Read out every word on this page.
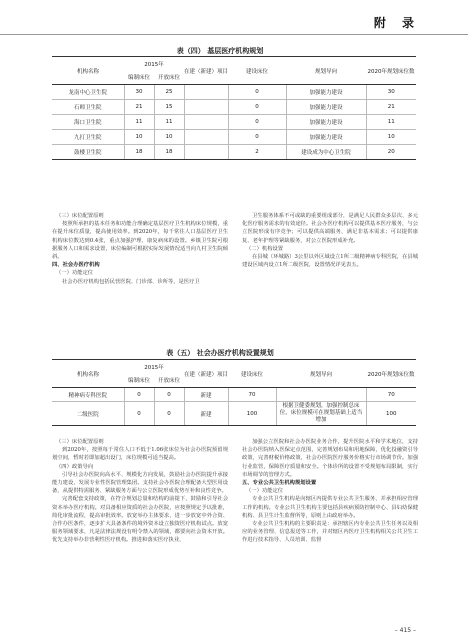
附 录
表（四） 基层医疗机构规划
机构名称	2015年		在建（新建）项目	建设床位	规划导向	2020年规划床位数
	编制床位	开放床位				
龙南中心卫生院	30	25		0	加强能力建设	30
石师卫生院	21	15		0	加强能力建设	21
海口卫生院	11	11		0	加强能力建设	11
九打卫生院	10	10		0	加强能力建设	10
鼓楼卫生院	18	18		2	建设成为中心卫生院	20

（三）床位配置原则

按照所承担的基本任务和功能合理确定基层医疗卫生机构床位规模，重在提升床位质量，提高使用效率。到2020年，每千常住人口基层医疗卫生机构床位数达到0.4张，重点加强护理、康复病床的设置。乡镇卫生院可根据服务人口和需求设置，床位编制可根据实际发展情况适当向九村卫生院倾斜。

四、社会办医疗机构

（一）功能定位

社会办医疗机构包括民营医院、门诊部、诊所等，是医疗卫

卫生服务体系不可或缺的重要组成部分，是满足人民群众多层次、多元化医疗服务需求的有效途径。社会办医疗机构可以提供基本医疗服务，与公立医院形成有序竞争；可以提供高端服务，满足非基本需求；可以提供康复、老年护理等紧缺服务，对公立医院形成补充。

（二）机构设置

在县城（环城路）3公里以外区域设立1所二级精神病专科医院，在县城建设区域内设立1所二级医院，设置情况详见表五。

表（五） 社会办医疗机构设置规划
机构名称	2015年		在建（新建）项目	建设床位	规划导向	2020年规划床位数
	编制床位	开放床位				
精神病专科医院	0	0	新建	70		70
二级医院	0	0	新建	100	根据卫健委规划，加强控制总床位，床位规模可在规划基础上适当增加	100

（三）床位配置原则

到2020年，按照每千常住人口不低于1.06张床位为社会办医院预留规划空间，暂时若即加超出设门，床位规模可适当提高。

（四）政策导向

引导社会办医院向高水平、规模化方向发展，鼓励社会办医院提升承接能力建设，发展专业性医院管理集团。支持社会办医院合理配备大型医用设备，从提供特需服务、紧缺服务方面与公立医院形成优势互补和良性竞争。

完善配套支持政策，在符合规划总量和结构的前提下，鼓励和引导社会资本举办医疗机构。对具备相应资质的社会办医院，应按照规定予以批准，简化审批流程，提高审批效率。放宽举办主体要求，进一步放宽中外合资、合作办医条件，逐步扩大具备条件的境外资本设立独资医疗机构试点。放宽服务领域要求，凡是法律法规没有明令禁入的领域，都要向社会资本开放。优先支持举办非营利性医疗机构。推进和落实医疗执业，

加强公立医院和社会办医院业务合作，提升医院水平和学术地位，支持社会办医院纳入医保定点范围，完善规划布局和用地保障，优化投融资引导政策，完善财税价格政策，社会办医院医疗服务价格实行市场调节价。加强行业监管，保障医疗质量和安全。个体诊所的设置不受规划布局限制，实行市场调节的管理方式。

五、专业公共卫生机构规划设置

（一）功能定位

专业公共卫生机构是向辖区内提供专业公共卫生服务，并承担相应管理工作的机构。专业公共卫生机构主要包括县疾病预防控制中心、县妇幼保健机构、县卫生计生监督所等，原则上由政府举办。

专业公共卫生机构的主要职责是：承担辖区内专业公共卫生任务以及相应的业务管理、信息报送等工作，并对辖区内医疗卫生机构相关公共卫生工作进行技术指导、人员培训、监督

– 415 –
